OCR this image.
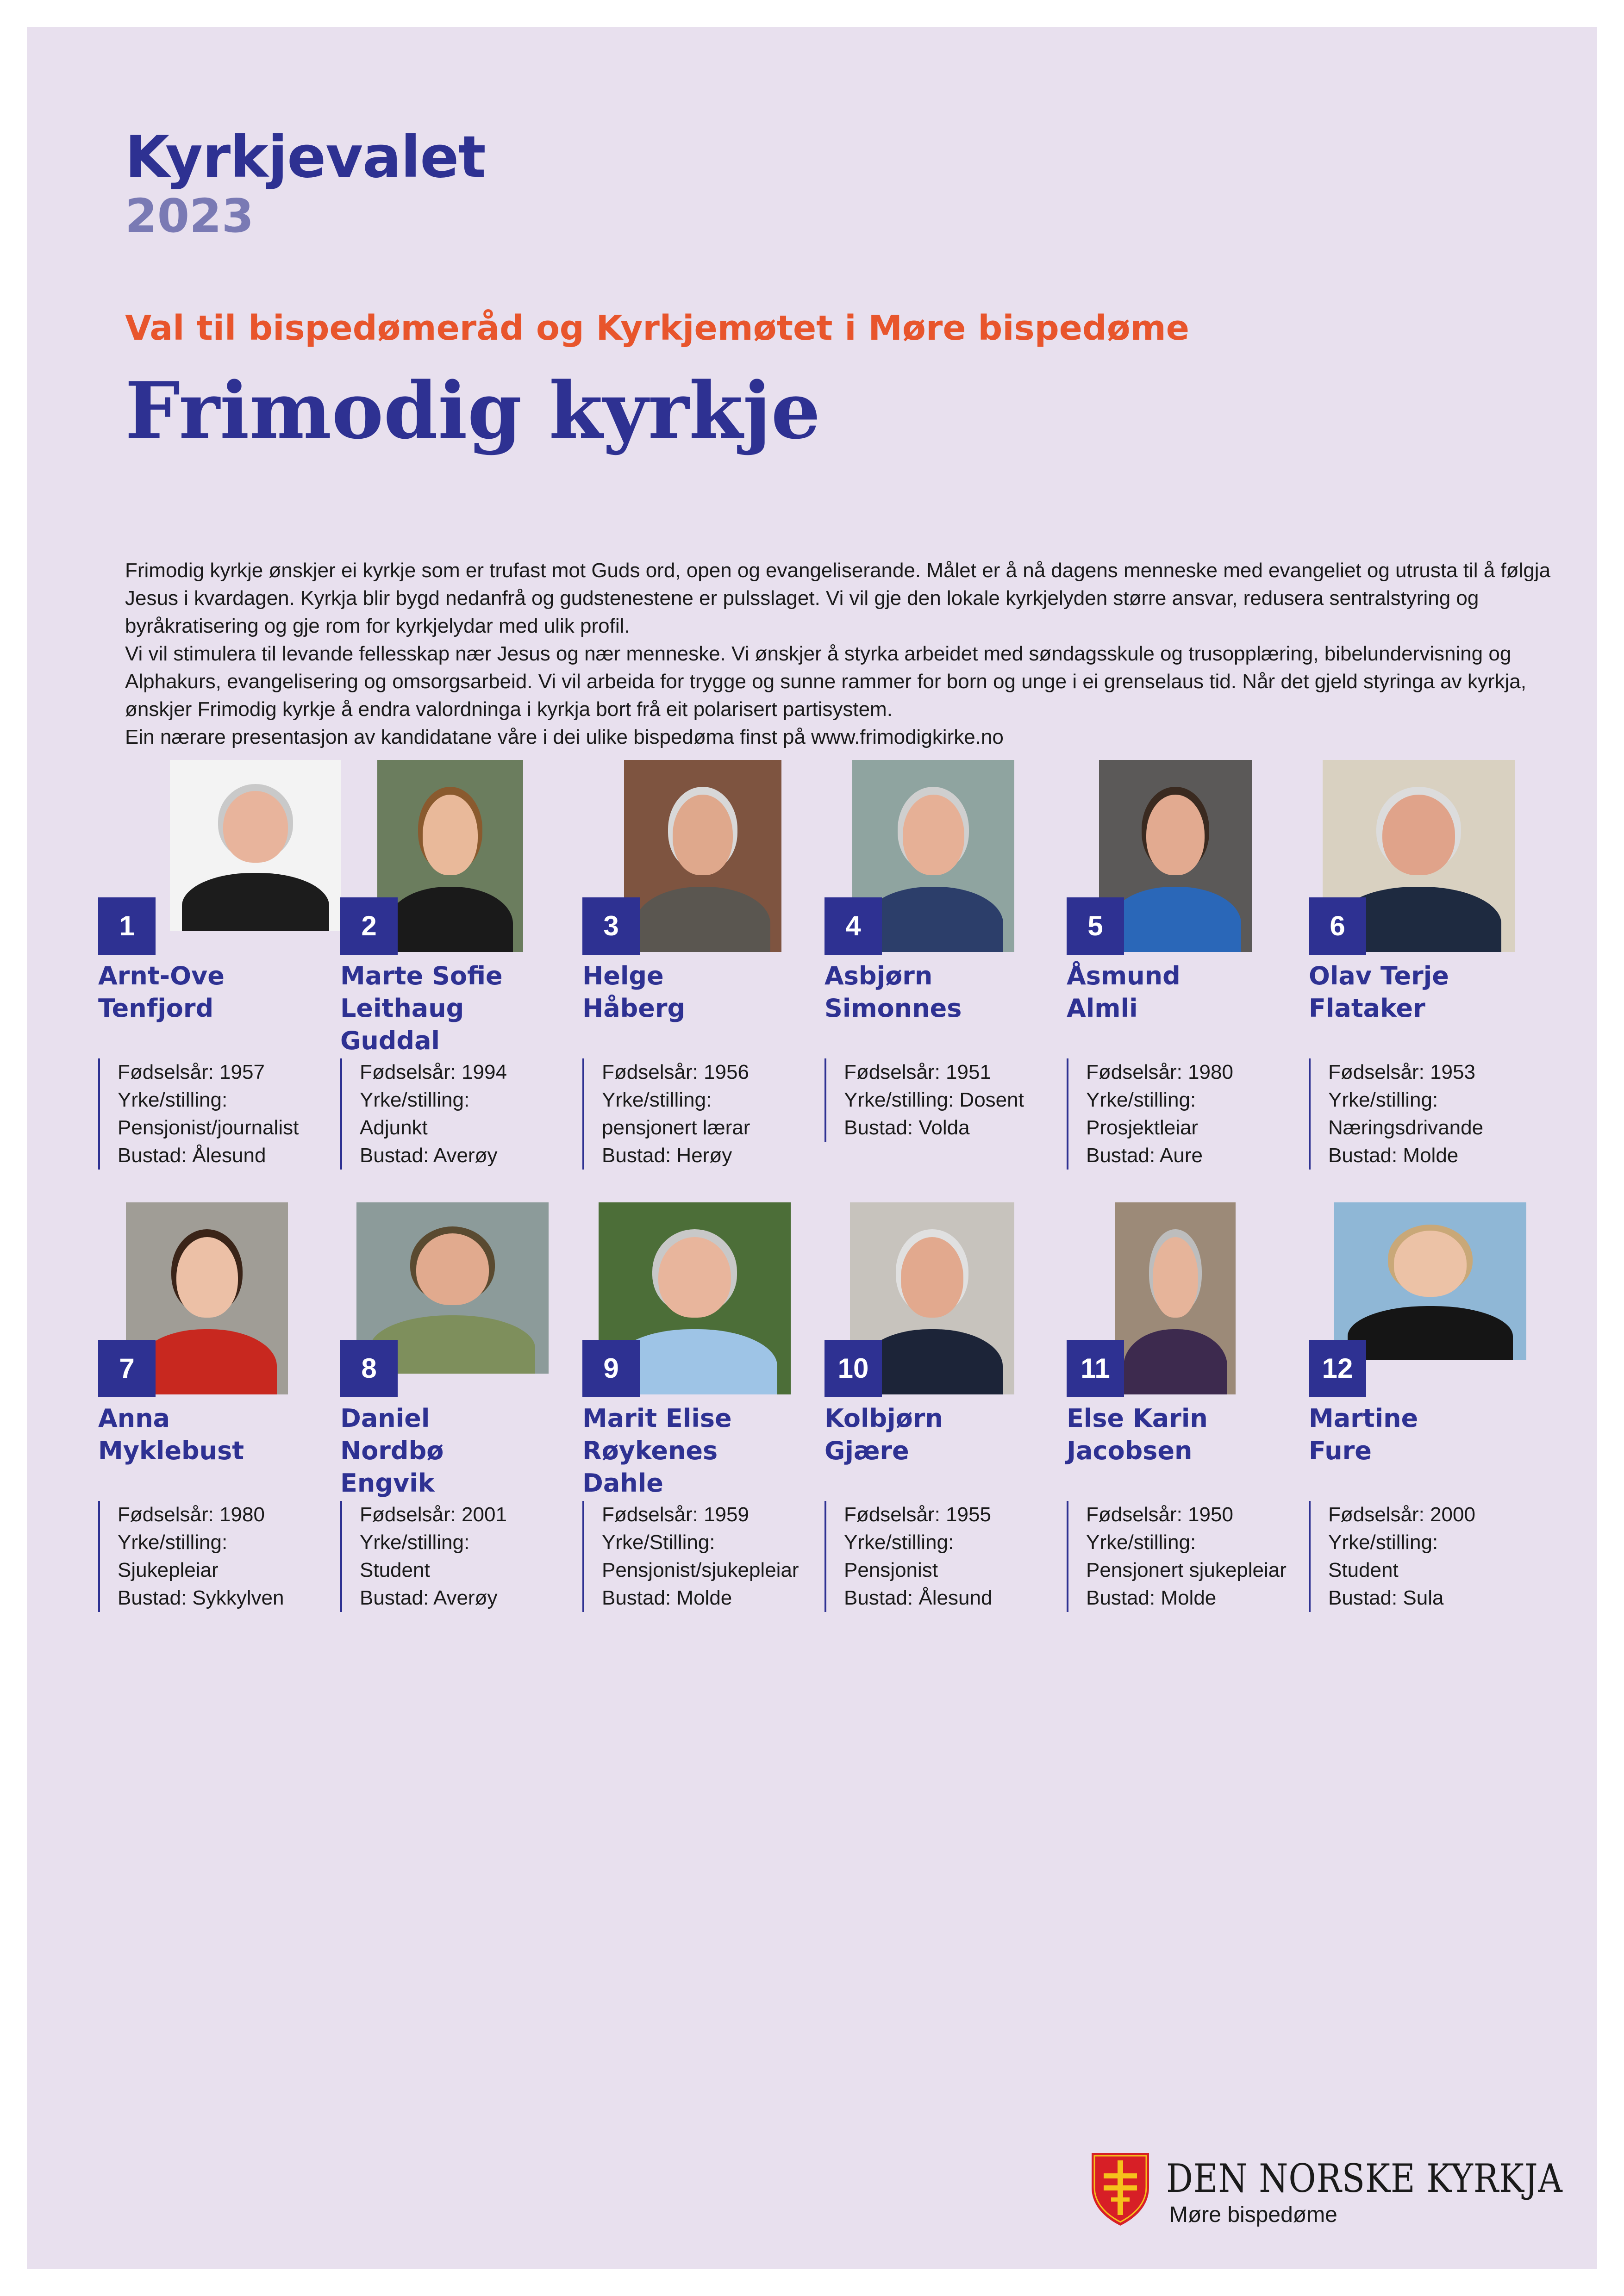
Kyrkjevalet
2023
Val til bispedømeråd og Kyrkjemøtet i Møre bispedøme
Frimodig kyrkje

Frimodig kyrkje ønskjer ei kyrkje som er trufast mot Guds ord, open og evangeliserande. Målet er å nå dagens menneske med evangeliet og utrusta til å følgja Jesus i kvardagen. Kyrkja blir bygd nedanfrå og gudstenestene er pulsslaget. Vi vil gje den lokale kyrkjelyden større ansvar, redusera sentralstyring og byråkratisering og gje rom for kyrkjelydar med ulik profil.

Vi vil stimulera til levande fellesskap nær Jesus og nær menneske. Vi ønskjer å styrka arbeidet med søndagsskule og trusopplæring, bibelundervisning og Alphakurs, evangelisering og omsorgsarbeid. Vi vil arbeida for trygge og sunne rammer for born og unge i ei grenselaus tid. Når det gjeld styringa av kyrkja, ønskjer Frimodig kyrkje å endra valordninga i kyrkja bort frå eit polarisert partisystem.

Ein nærare presentasjon av kandidatane våre i dei ulike bispedøma finst på www.frimodigkirke.no

1
Arnt-Ove
Tenfjord
Fødselsår: 1957
Yrke/stilling:
Pensjonist/journalist
Bustad: Ålesund
2
Marte Sofie
Leithaug
Guddal
Fødselsår: 1994
Yrke/stilling:
Adjunkt
Bustad: Averøy
3
Helge
Håberg
Fødselsår: 1956
Yrke/stilling:
pensjonert lærar
Bustad: Herøy
4
Asbjørn
Simonnes
Fødselsår: 1951
Yrke/stilling: Dosent
Bustad: Volda
5
Åsmund
Almli
Fødselsår: 1980
Yrke/stilling:
Prosjektleiar
Bustad: Aure
6
Olav Terje
Flataker
Fødselsår: 1953
Yrke/stilling:
Næringsdrivande
Bustad: Molde
7
Anna
Myklebust
Fødselsår: 1980
Yrke/stilling:
Sjukepleiar
Bustad: Sykkylven
8
Daniel
Nordbø
Engvik
Fødselsår: 2001
Yrke/stilling:
Student
Bustad: Averøy
9
Marit Elise
Røykenes
Dahle
Fødselsår: 1959
Yrke/Stilling:
Pensjonist/sjukepleiar
Bustad: Molde
10
Kolbjørn
Gjære
Fødselsår: 1955
Yrke/stilling:
Pensjonist
Bustad: Ålesund
11
Else Karin
Jacobsen
Fødselsår: 1950
Yrke/stilling:
Pensjonert sjukepleiar
Bustad: Molde
12
Martine
Fure
Fødselsår: 2000
Yrke/stilling:
Student
Bustad: Sula
DEN NORSKE KYRKJA
Møre bispedøme
